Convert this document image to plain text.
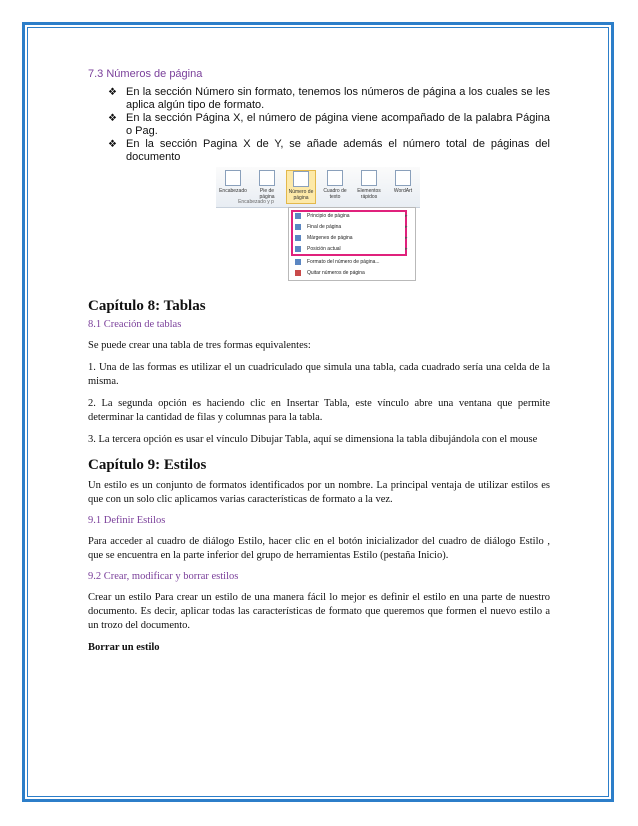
7.3 Números de página
❖ En la sección Número sin formato, tenemos los números de página a los cuales se les aplica algún tipo de formato.
❖ En la sección Página X, el número de página viene acompañado de la palabra Página o Pag.
❖ En la sección Pagina X de Y, se añade además el número total de páginas del documento
Encabezado	Pie de página
Número de página
Cuadro de texto
Elementos rápidos
WordArt
Encabezado y p
Principio de página	▸
Final de página	▸
Márgenes de página	▸
Posición actual	▸
Formato del número de página...
Quitar números de página
Capítulo 8: Tablas
8.1 Creación de tablas

Se puede crear una tabla de tres formas equivalentes:

1. Una de las formas es utilizar el un cuadriculado que simula una tabla, cada cuadrado sería una celda de la misma.

2. La segunda opción es haciendo clic en Insertar Tabla, este vínculo abre una ventana que permite determinar la cantidad de filas y columnas para la tabla.

3. La tercera opción es usar el vínculo Dibujar Tabla, aquí se dimensiona la tabla dibujándola con el mouse

Capítulo 9: Estilos

Un estilo es un conjunto de formatos identificados por un nombre. La principal ventaja de utilizar estilos es que con un solo clic aplicamos varias características de formato a la vez.

9.1 Definir Estilos

Para acceder al cuadro de diálogo Estilo, hacer clic en el botón inicializador del cuadro de diálogo Estilo , que se encuentra en la parte inferior del grupo de herramientas Estilo (pestaña Inicio).

9.2 Crear, modificar y borrar estilos

Crear un estilo Para crear un estilo de una manera fácil lo mejor es definir el estilo en una parte de nuestro documento. Es decir, aplicar todas las características de formato que queremos que formen el nuevo estilo a un trozo del documento.

Borrar un estilo
